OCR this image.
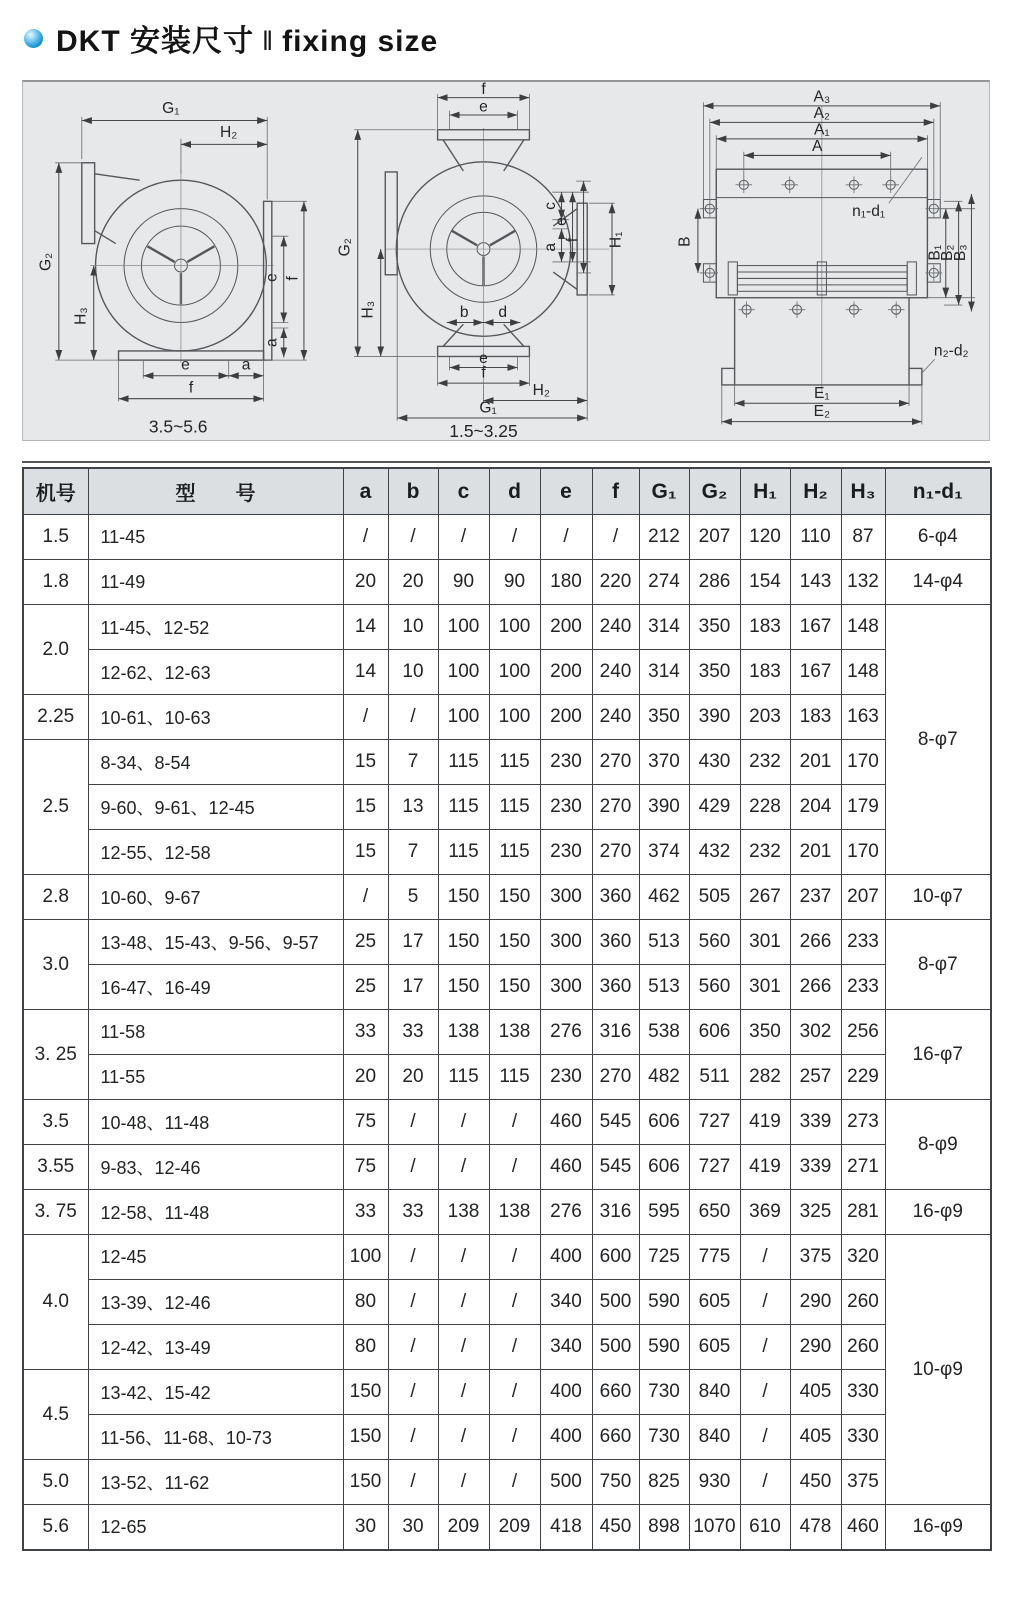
DKT 安装尺寸 ‖ fixing size
G₁
H₂
G₂
H₃
f
e
a
e	a
f
3.5~5.6
f
e
G₂
H₃
H₁
c
e
f
a
b d
e
f
H₂
G₁
1.5~3.25
A₃
A₂
A₁
A
n₁-d₁
B
B₁
B₂
B₃
E₁
E₂
n₂-d₂
机号	型　　号	a	b	c	d	e	f	G₁	G₂	H₁	H₂	H₃	n₁-d₁
1.5	11-45	/	/	/	/	/	/	212	207	120	110	87	6-φ4
1.8	11-49	20	20	90	90	180	220	274	286	154	143	132	14-φ4
2.0	11-45、12-52	14	10	100	100	200	240	314	350	183	167	148	8-φ7
	12-62、12-63	14	10	100	100	200	240	314	350	183	167	148	
2.25	10-61、10-63	/	/	100	100	200	240	350	390	203	183	163	
2.5	8-34、8-54	15	7	115	115	230	270	370	430	232	201	170	
	9-60、9-61、12-45	15	13	115	115	230	270	390	429	228	204	179	
	12-55、12-58	15	7	115	115	230	270	374	432	232	201	170	
2.8	10-60、9-67	/	5	150	150	300	360	462	505	267	237	207	10-φ7
3.0	13-48、15-43、9-56、9-57	25	17	150	150	300	360	513	560	301	266	233	8-φ7
	16-47、16-49	25	17	150	150	300	360	513	560	301	266	233	
3. 25	11-58	33	33	138	138	276	316	538	606	350	302	256	16-φ7
	11-55	20	20	115	115	230	270	482	511	282	257	229	
3.5	10-48、11-48	75	/	/	/	460	545	606	727	419	339	273	8-φ9
3.55	9-83、12-46	75	/	/	/	460	545	606	727	419	339	271	
3. 75	12-58、11-48	33	33	138	138	276	316	595	650	369	325	281	16-φ9
4.0	12-45	100	/	/	/	400	600	725	775	/	375	320	10-φ9
	13-39、12-46	80	/	/	/	340	500	590	605	/	290	260	
	12-42、13-49	80	/	/	/	340	500	590	605	/	290	260	
4.5	13-42、15-42	150	/	/	/	400	660	730	840	/	405	330	
	11-56、11-68、10-73	150	/	/	/	400	660	730	840	/	405	330	
5.0	13-52、11-62	150	/	/	/	500	750	825	930	/	450	375	
5.6	12-65	30	30	209	209	418	450	898	1070	610	478	460	16-φ9
